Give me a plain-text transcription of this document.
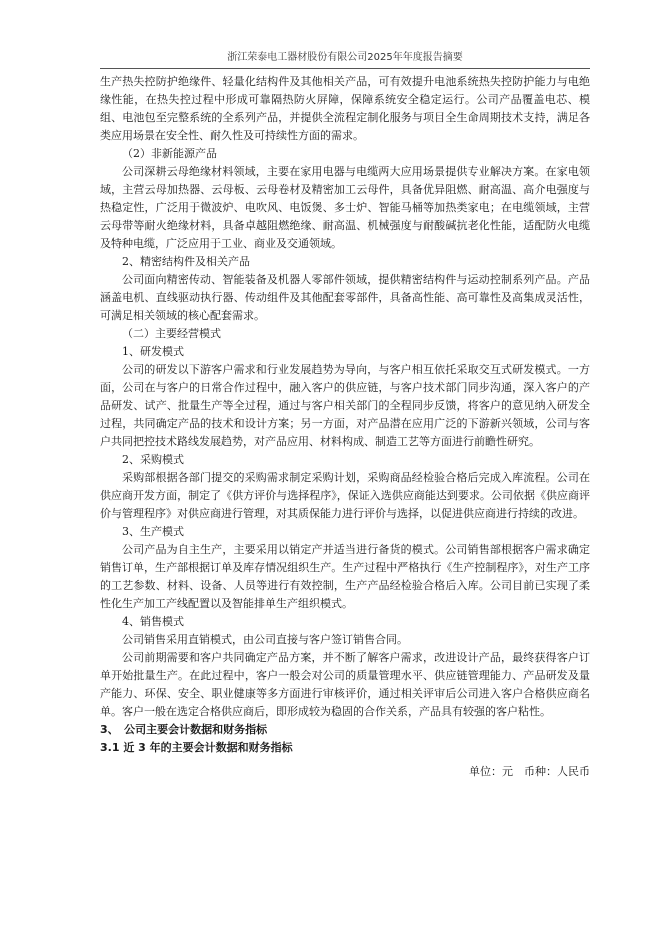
浙江荣泰电工器材股份有限公司2025年年度报告摘要

生产热失控防护绝缘件、轻量化结构件及其他相关产品，可有效提升电池系统热失控防护能力与电绝缘性能，在热失控过程中形成可靠隔热防火屏障，保障系统安全稳定运行。公司产品覆盖电芯、模组、电池包至完整系统的全系列产品，并提供全流程定制化服务与项目全生命周期技术支持，满足各类应用场景在安全性、耐久性及可持续性方面的需求。

（2）非新能源产品

公司深耕云母绝缘材料领域，主要在家用电器与电缆两大应用场景提供专业解决方案。在家电领域，主营云母加热器、云母板、云母卷材及精密加工云母件，具备优异阻燃、耐高温、高介电强度与热稳定性，广泛用于微波炉、电吹风、电饭煲、多士炉、智能马桶等加热类家电；在电缆领域，主营云母带等耐火绝缘材料，具备卓越阻燃绝缘、耐高温、机械强度与耐酸碱抗老化性能，适配防火电缆及特种电缆，广泛应用于工业、商业及交通领域。

2、精密结构件及相关产品

公司面向精密传动、智能装备及机器人零部件领域，提供精密结构件与运动控制系列产品。产品涵盖电机、直线驱动执行器、传动组件及其他配套零部件，具备高性能、高可靠性及高集成灵活性，可满足相关领域的核心配套需求。

（二）主要经营模式

1、研发模式

公司的研发以下游客户需求和行业发展趋势为导向，与客户相互依托采取交互式研发模式。一方面，公司在与客户的日常合作过程中，融入客户的供应链，与客户技术部门同步沟通，深入客户的产品研发、试产、批量生产等全过程，通过与客户相关部门的全程同步反馈，将客户的意见纳入研发全过程，共同确定产品的技术和设计方案；另一方面，对产品潜在应用广泛的下游新兴领域，公司与客户共同把控技术路线发展趋势，对产品应用、材料构成、制造工艺等方面进行前瞻性研究。

2、采购模式

采购部根据各部门提交的采购需求制定采购计划，采购商品经检验合格后完成入库流程。公司在供应商开发方面，制定了《供方评价与选择程序》，保证入选供应商能达到要求。公司依据《供应商评价与管理程序》对供应商进行管理，对其质保能力进行评价与选择，以促进供应商进行持续的改进。

3、生产模式

公司产品为自主生产，主要采用以销定产并适当进行备货的模式。公司销售部根据客户需求确定销售订单，生产部根据订单及库存情况组织生产。生产过程中严格执行《生产控制程序》，对生产工序的工艺参数、材料、设备、人员等进行有效控制，生产产品经检验合格后入库。公司目前已实现了柔性化生产加工产线配置以及智能排单生产组织模式。

4、销售模式

公司销售采用直销模式，由公司直接与客户签订销售合同。

公司前期需要和客户共同确定产品方案，并不断了解客户需求，改进设计产品，最终获得客户订单开始批量生产。在此过程中，客户一般会对公司的质量管理水平、供应链管理能力、产品研发及量产能力、环保、安全、职业健康等多方面进行审核评价，通过相关评审后公司进入客户合格供应商名单。客户一般在选定合格供应商后，即形成较为稳固的合作关系，产品具有较强的客户粘性。

3、　公司主要会计数据和财务指标

3.1 近 3 年的主要会计数据和财务指标

单位：元　币种：人民币
